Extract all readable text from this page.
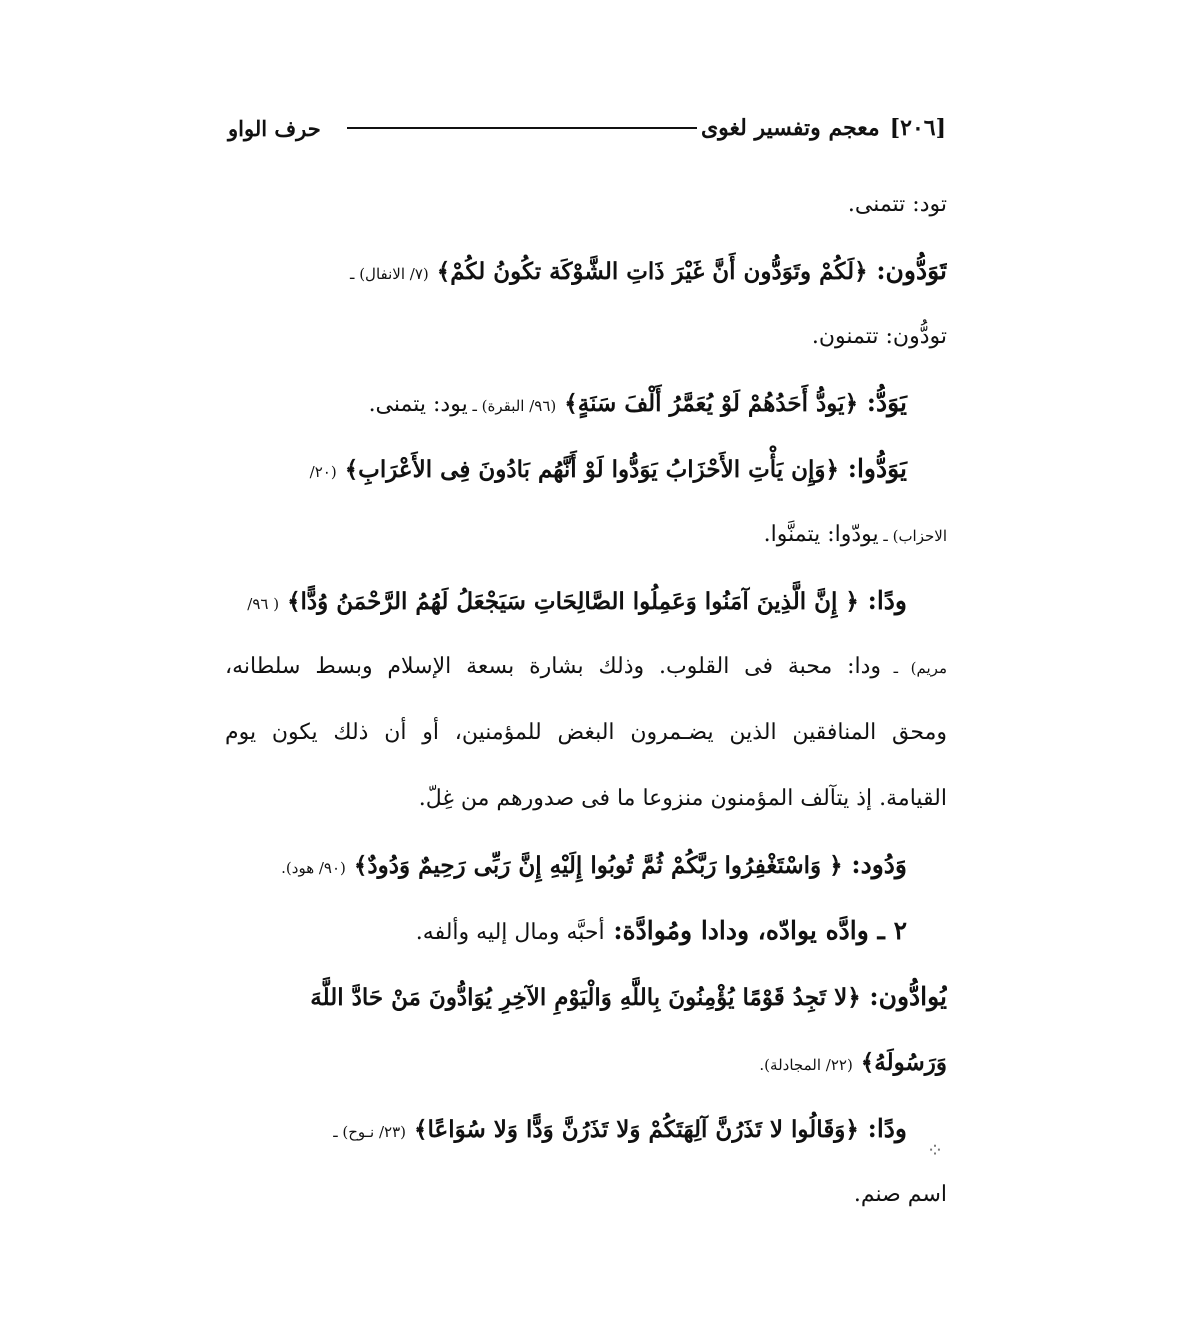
[٢٠٦]
معجم وتفسير لغوى
حرف الواو
تود: تتمنى.
تَوَدُّون: ﴿لَكُمْ وتَوَدُّون أَنَّ غَيْرَ ذَاتِ الشَّوْكَة تكُونُ لكُمْ﴾ (٧/ الانفال) ـ
تودُّون: تتمنون.
يَوَدُّ: ﴿يَودُّ أَحَدُهُمْ لَوْ يُعَمَّرُ أَلْفَ سَنَةٍ﴾ (٩٦/ البقرة) ـ يود: يتمنى.
يَوَدُّوا: ﴿وَإِن يَأْتِ الأَحْزَابُ يَوَدُّوا لَوْ أَنَّهُم بَادُونَ فِى الأَعْرَابِ﴾ (٢٠/
الاحزاب) ـ يودّوا: يتمنَّوا.
ودًا: ﴿ إِنَّ الَّذِينَ آمَنُوا وَعَمِلُوا الصَّالِحَاتِ سَيَجْعَلُ لَهُمُ الرَّحْمَنُ وُدًّا﴾ ( ٩٦/
مريم) ـ ودا: محبة فى القلوب. وذلك بشارة بسعة الإسلام وبسط سلطانه،
ومحق المنافقين الذين يضـمرون البغض للمؤمنين، أو أن ذلك يكون يوم
القيامة. إذ يتآلف المؤمنون منزوعا ما فى صدورهم من غِلّ.
وَدُود: ﴿ وَاسْتَغْفِرُوا رَبَّكُمْ ثُمَّ تُوبُوا إِلَيْهِ إِنَّ رَبِّى رَحِيمٌ وَدُودٌ﴾ (٩٠/ هود).
٢ ـ وادَّه يوادّه، ودادا ومُوادَّة: أحبَّه ومال إليه وألفه.
يُوادُّون: ﴿لا تَجِدُ قَوْمًا يُؤْمِنُونَ بِاللَّهِ وَالْيَوْمِ الآخِرِ يُوَادُّونَ مَنْ حَادَّ اللَّهَ
وَرَسُولَهُ﴾ (٢٢/ المجادلة).
ودًا: ﴿وَقَالُوا لا تَذَرُنَّ آلِهَتَكُمْ وَلا تَذَرُنَّ وَدًّا وَلا سُوَاعًا﴾ (٢٣/ نـوح) ـ
اسم صنم.
⁘
